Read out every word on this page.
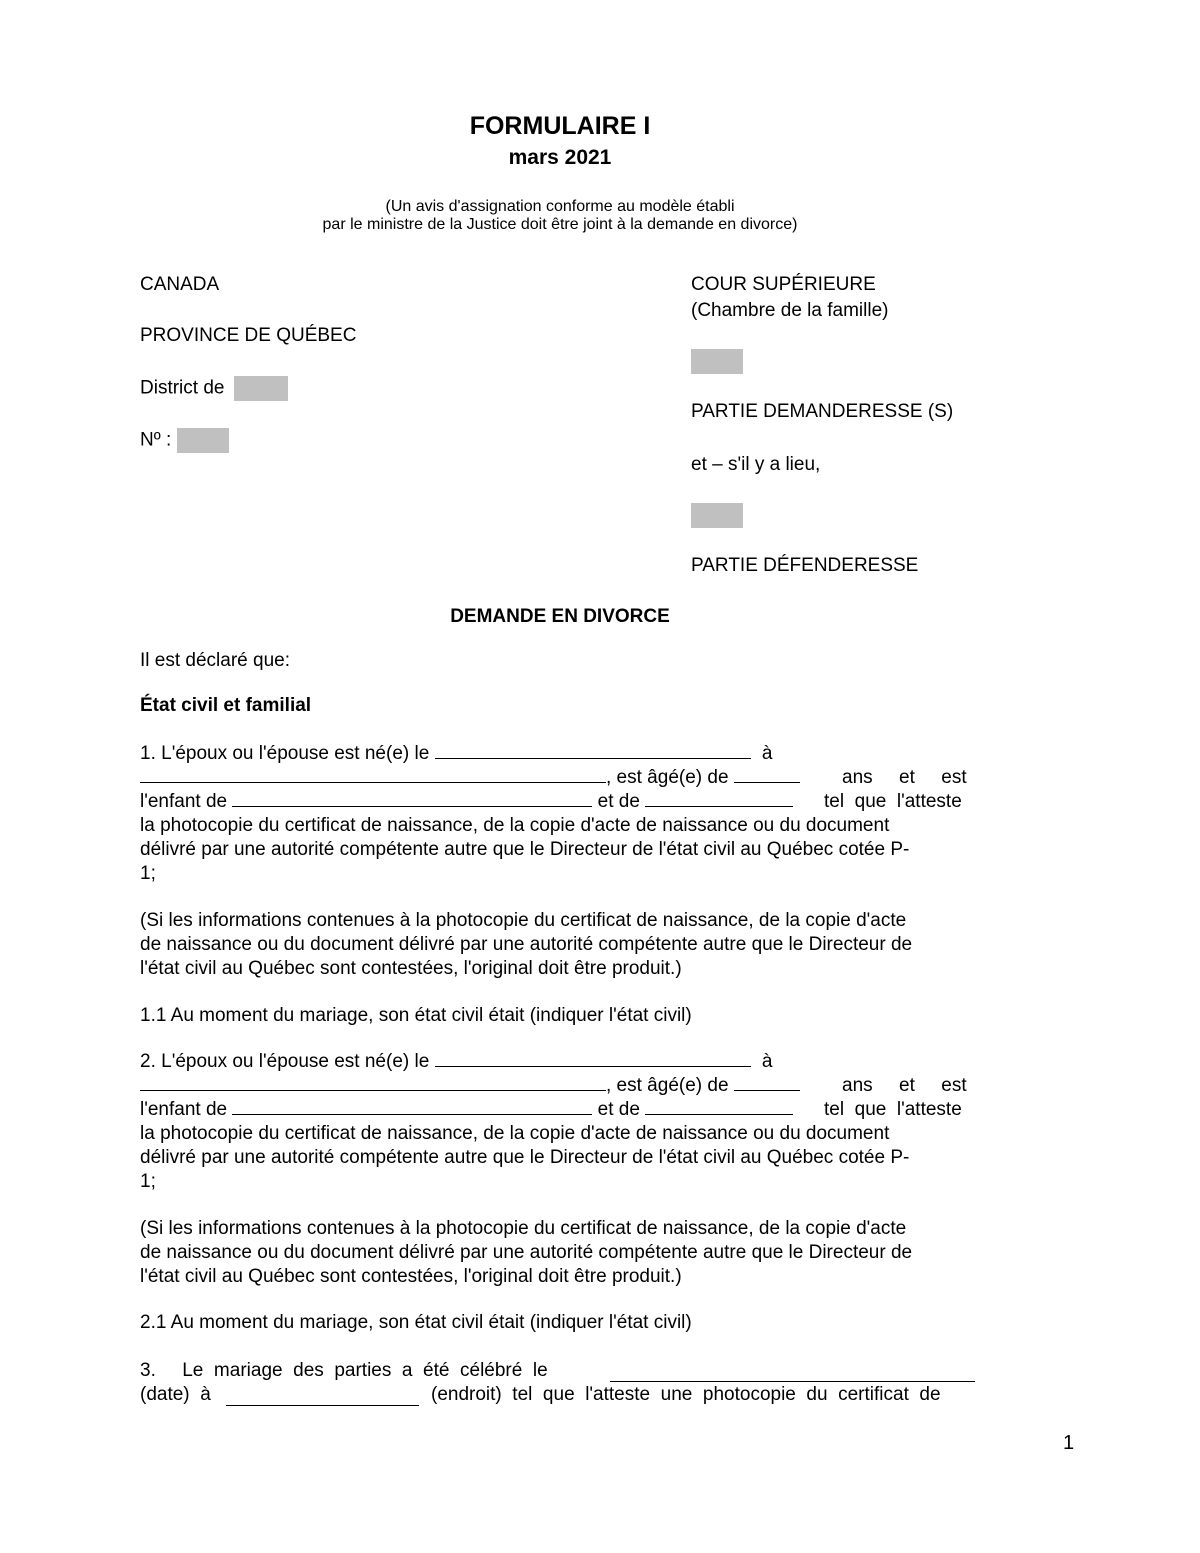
FORMULAIRE I
mars 2021
(Un avis d'assignation conforme au modèle établi
par le ministre de la Justice doit être joint à la demande en divorce)
CANADA
PROVINCE DE QUÉBEC
District de
Nº :
COUR SUPÉRIEURE
(Chambre de la famille)
PARTIE DEMANDERESSE (S)
et – s'il y a lieu,
PARTIE DÉFENDERESSE
DEMANDE EN DIVORCE
Il est déclaré que:
État civil et familial
1. L'époux ou l'épouse est né(e) le	à
, est âgé(e) de	ans     et     est
l'enfant de	et de	tel  que  l'atteste
la photocopie du certificat de naissance, de la copie d'acte de naissance ou du document
délivré par une autorité compétente autre que le Directeur de l'état civil au Québec cotée P-
1;
(Si les informations contenues à la photocopie du certificat de naissance, de la copie d'acte
de naissance ou du document délivré par une autorité compétente autre que le Directeur de
l'état civil au Québec sont contestées, l'original doit être produit.)
1.1 Au moment du mariage, son état civil était (indiquer l'état civil)
2. L'époux ou l'épouse est né(e) le	à
, est âgé(e) de	ans     et     est
l'enfant de	et de	tel  que  l'atteste
la photocopie du certificat de naissance, de la copie d'acte de naissance ou du document
délivré par une autorité compétente autre que le Directeur de l'état civil au Québec cotée P-
1;
(Si les informations contenues à la photocopie du certificat de naissance, de la copie d'acte
de naissance ou du document délivré par une autorité compétente autre que le Directeur de
l'état civil au Québec sont contestées, l'original doit être produit.)
2.1 Au moment du mariage, son état civil était (indiquer l'état civil)
3.     Le  mariage  des  parties  a  été  célébré  le
(date)  à	(endroit)  tel  que  l'atteste  une  photocopie  du  certificat  de
1
